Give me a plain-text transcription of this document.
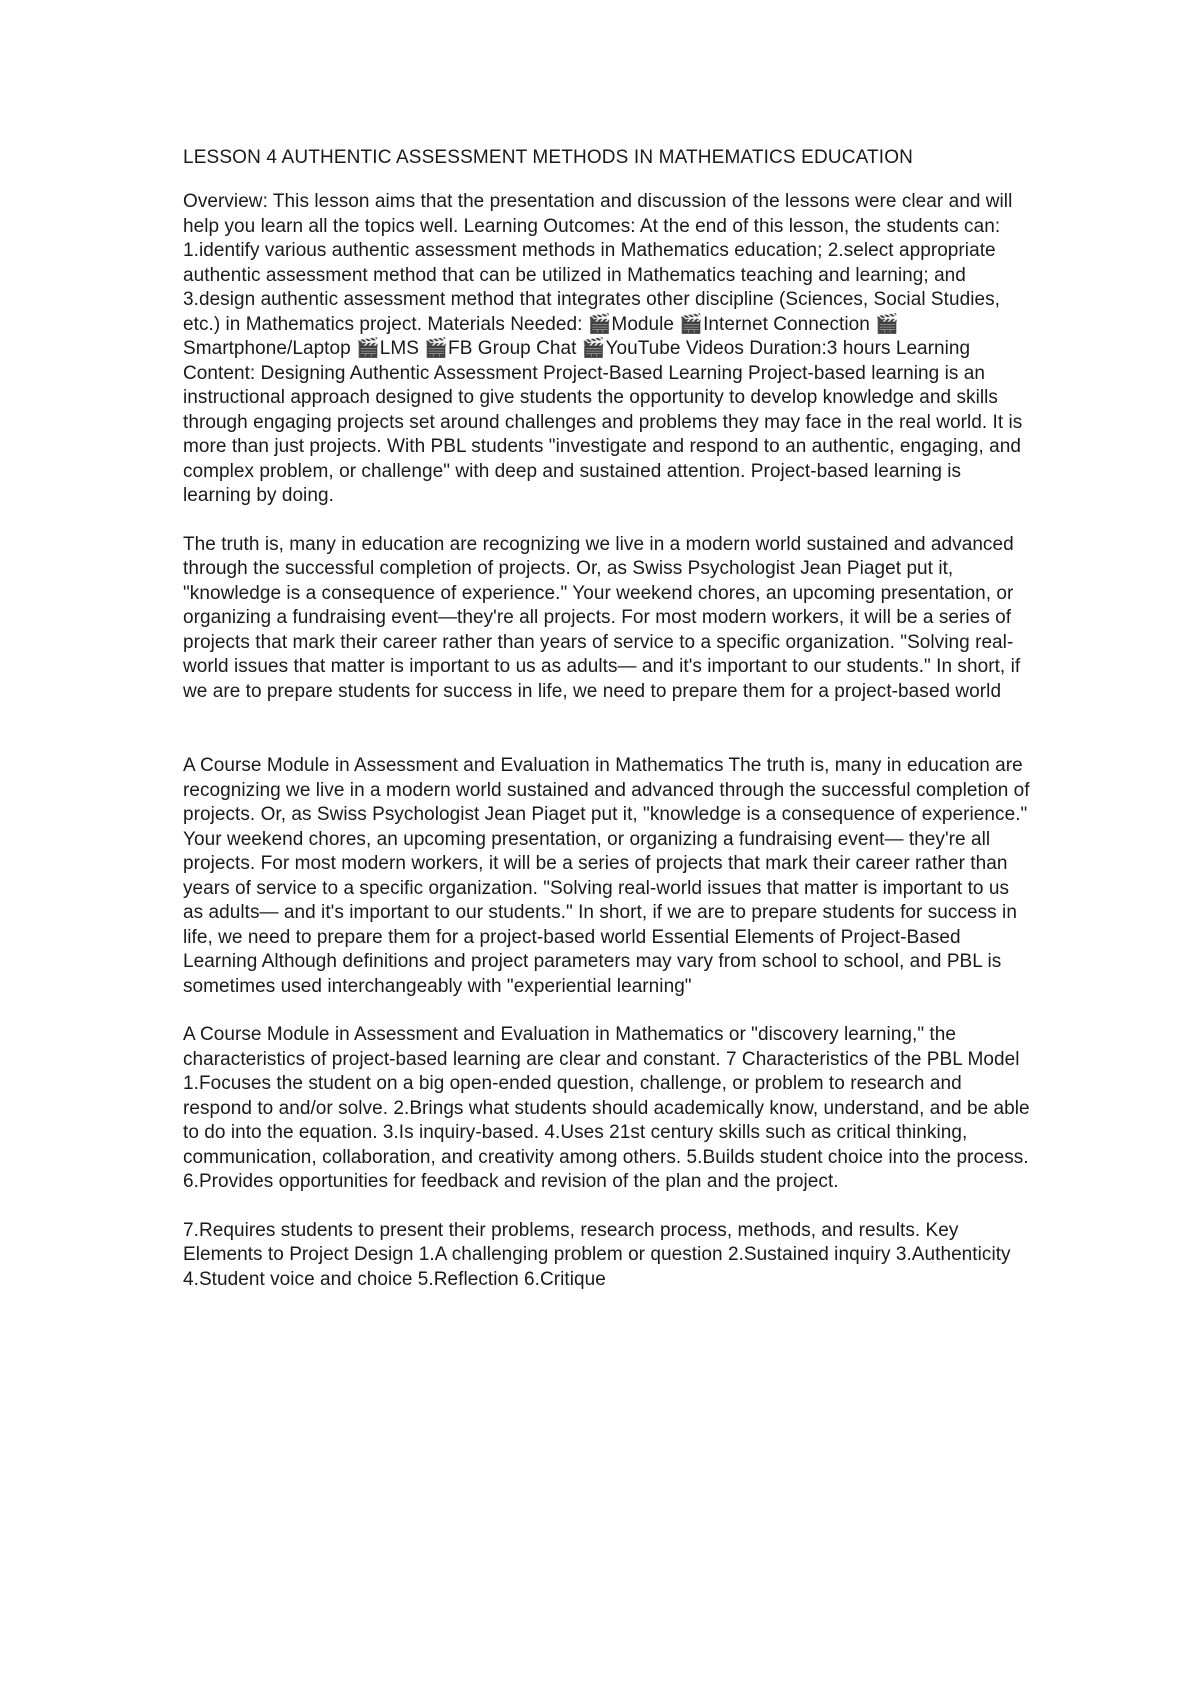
LESSON 4 AUTHENTIC ASSESSMENT METHODS IN MATHEMATICS EDUCATION

Overview: This lesson aims that the presentation and discussion of the lessons were clear and will help you learn all the topics well. Learning Outcomes: At the end of this lesson, the students can: 1.identify various authentic assessment methods in Mathematics education; 2.select appropriate authentic assessment method that can be utilized in Mathematics teaching and learning; and 3.design authentic assessment method that integrates other discipline (Sciences, Social Studies, etc.) in Mathematics project. Materials Needed: 🎬Module 🎬Internet Connection 🎬Smartphone/Laptop 🎬LMS 🎬FB Group Chat 🎬YouTube Videos Duration:3 hours Learning Content: Designing Authentic Assessment Project-Based Learning Project-based learning is an instructional approach designed to give students the opportunity to develop knowledge and skills through engaging projects set around challenges and problems they may face in the real world. It is more than just projects. With PBL students "investigate and respond to an authentic, engaging, and complex problem, or challenge" with deep and sustained attention. Project-based learning is learning by doing.

The truth is, many in education are recognizing we live in a modern world sustained and advanced through the successful completion of projects. Or, as Swiss Psychologist Jean Piaget put it, "knowledge is a consequence of experience." Your weekend chores, an upcoming presentation, or organizing a fundraising event—they're all projects. For most modern workers, it will be a series of projects that mark their career rather than years of service to a specific organization. "Solving real-world issues that matter is important to us as adults— and it's important to our students." In short, if we are to prepare students for success in life, we need to prepare them for a project-based world

A Course Module in Assessment and Evaluation in Mathematics The truth is, many in education are recognizing we live in a modern world sustained and advanced through the successful completion of projects. Or, as Swiss Psychologist Jean Piaget put it, "knowledge is a consequence of experience." Your weekend chores, an upcoming presentation, or organizing a fundraising event— they're all projects. For most modern workers, it will be a series of projects that mark their career rather than years of service to a specific organization. "Solving real-world issues that matter is important to us as adults— and it's important to our students." In short, if we are to prepare students for success in life, we need to prepare them for a project-based world Essential Elements of Project-Based Learning Although definitions and project parameters may vary from school to school, and PBL is sometimes used interchangeably with "experiential learning"

A Course Module in Assessment and Evaluation in Mathematics or "discovery learning," the characteristics of project-based learning are clear and constant. 7 Characteristics of the PBL Model 1.Focuses the student on a big open-ended question, challenge, or problem to research and respond to and/or solve. 2.Brings what students should academically know, understand, and be able to do into the equation. 3.Is inquiry-based. 4.Uses 21st century skills such as critical thinking, communication, collaboration, and creativity among others. 5.Builds student choice into the process. 6.Provides opportunities for feedback and revision of the plan and the project.

7.Requires students to present their problems, research process, methods, and results. Key Elements to Project Design 1.A challenging problem or question 2.Sustained inquiry 3.Authenticity 4.Student voice and choice 5.Reflection 6.Critique
